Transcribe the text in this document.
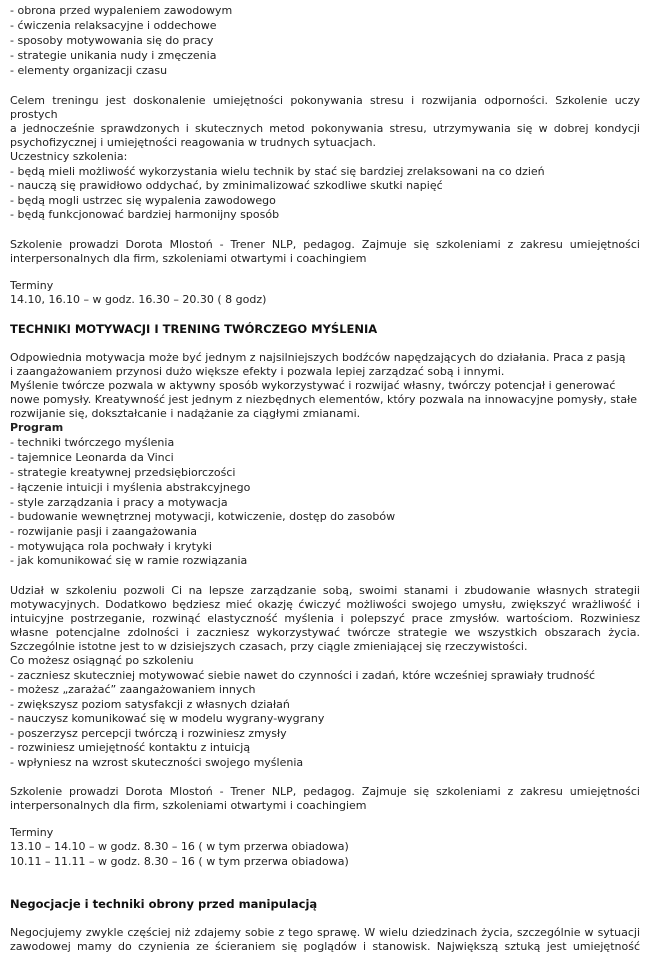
- obrona przed wypaleniem zawodowym
- ćwiczenia relaksacyjne i oddechowe
- sposoby motywowania się do pracy
- strategie unikania nudy i zmęczenia
- elementy organizacji czasu
Celem treningu jest doskonalenie umiejętności pokonywania stresu i rozwijania odporności. Szkolenie uczy
prostych
a jednocześnie sprawdzonych i skutecznych metod pokonywania stresu, utrzymywania się w dobrej kondycji
psychofizycznej i umiejętności reagowania w trudnych sytuacjach.
Uczestnicy szkolenia:
- będą mieli możliwość wykorzystania wielu technik by stać się bardziej zrelaksowani na co dzień
- nauczą się prawidłowo oddychać, by zminimalizować szkodliwe skutki napięć
- będą mogli ustrzec się wypalenia zawodowego
- będą funkcjonować bardziej harmonijny sposób
Szkolenie prowadzi Dorota Mlostoń - Trener NLP, pedagog. Zajmuje się szkoleniami z zakresu umiejętności
interpersonalnych dla firm, szkoleniami otwartymi i coachingiem
Terminy
14.10, 16.10 – w godz. 16.30 – 20.30 ( 8 godz)
TECHNIKI MOTYWACJI I TRENING TWÓRCZEGO MYŚLENIA
Odpowiednia motywacja może być jednym z najsilniejszych bodźców napędzających do działania. Praca z pasją
i zaangażowaniem przynosi dużo większe efekty i pozwala lepiej zarządzać sobą i innymi.
Myślenie twórcze pozwala w aktywny sposób wykorzystywać i rozwijać własny, twórczy potencjał i generować
nowe pomysły. Kreatywność jest jednym z niezbędnych elementów, który pozwala na innowacyjne pomysły, stałe
rozwijanie się, dokształcanie i nadążanie za ciągłymi zmianami.
Program
- techniki twórczego myślenia
- tajemnice Leonarda da Vinci
- strategie kreatywnej przedsiębiorczości
- łączenie intuicji i myślenia abstrakcyjnego
- style zarządzania i pracy a motywacja
- budowanie wewnętrznej motywacji, kotwiczenie, dostęp do zasobów
- rozwijanie pasji i zaangażowania
- motywująca rola pochwały i krytyki
- jak komunikować się w ramie rozwiązania
Udział w szkoleniu pozwoli Ci na lepsze zarządzanie sobą, swoimi stanami i zbudowanie własnych strategii
motywacyjnych. Dodatkowo będziesz mieć okazję ćwiczyć możliwości swojego umysłu, zwiększyć wrażliwość i
intuicyjne postrzeganie, rozwinąć elastyczność myślenia i polepszyć prace zmysłów. wartościom. Rozwiniesz
własne potencjalne zdolności i zaczniesz wykorzystywać twórcze strategie we wszystkich obszarach życia.
Szczególnie istotne jest to w dzisiejszych czasach, przy ciągle zmieniającej się rzeczywistości.
Co możesz osiągnąć po szkoleniu
- zaczniesz skuteczniej motywować siebie nawet do czynności i zadań, które wcześniej sprawiały trudność
- możesz „zarażać” zaangażowaniem innych
- zwiększysz poziom satysfakcji z własnych działań
- nauczysz komunikować się w modelu wygrany-wygrany
- poszerzysz percepcji twórczą i rozwiniesz zmysły
- rozwiniesz umiejętność kontaktu z intuicją
- wpłyniesz na wzrost skuteczności swojego myślenia
Szkolenie prowadzi Dorota Mlostoń - Trener NLP, pedagog. Zajmuje się szkoleniami z zakresu umiejętności
interpersonalnych dla firm, szkoleniami otwartymi i coachingiem
Terminy
13.10 – 14.10 – w godz. 8.30 – 16 ( w tym przerwa obiadowa)
10.11 – 11.11 – w godz. 8.30 – 16 ( w tym przerwa obiadowa)
Negocjacje i techniki obrony przed manipulacją
Negocjujemy zwykle częściej niż zdajemy sobie z tego sprawę. W wielu dziedzinach życia, szczególnie w sytuacji
zawodowej mamy do czynienia ze ścieraniem się poglądów i stanowisk. Największą sztuką jest umiejętność
